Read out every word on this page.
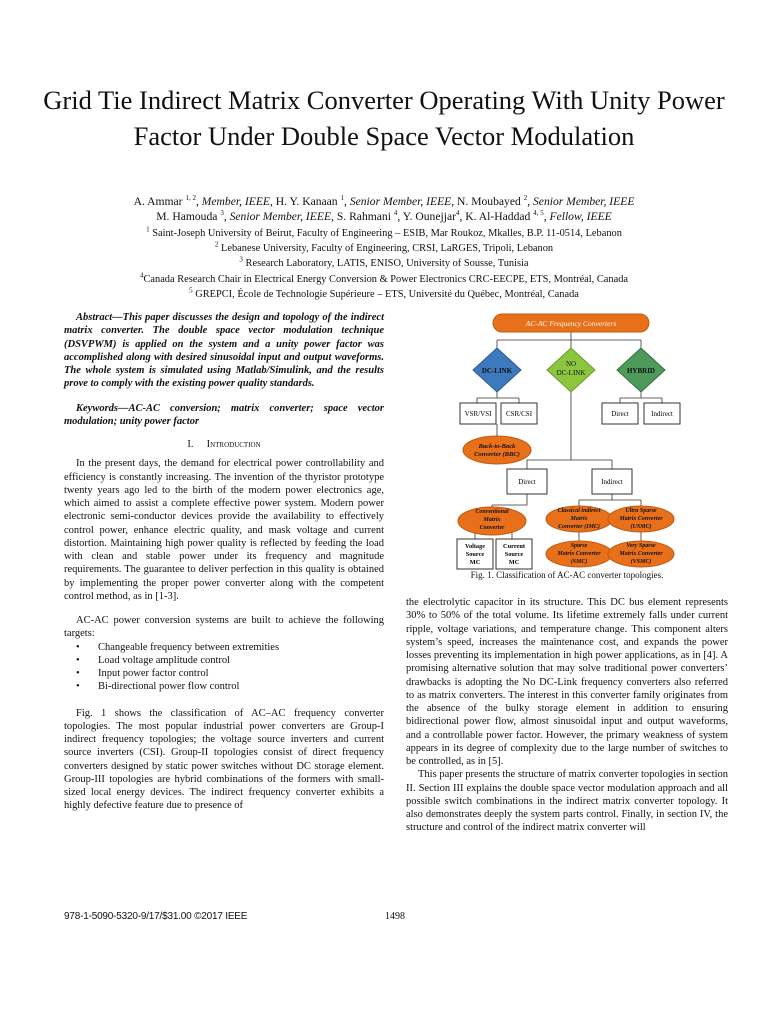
Grid Tie Indirect Matrix Converter Operating With Unity Power Factor Under Double Space Vector Modulation
A. Ammar $^{1, 2}$, Member, IEEE, H. Y. Kanaan $^1$, Senior Member, IEEE, N. Moubayed $^2$, Senior Member, IEEE
M. Hamouda $^3$, Senior Member, IEEE, S. Rahmani $^4$, Y. Ounejjar$^4$, K. Al-Haddad $^{4, 5}$, Fellow, IEEE
$^1$ Saint-Joseph University of Beirut, Faculty of Engineering – ESIB, Mar Roukoz, Mkalles, B.P. 11-0514, Lebanon
$^2$ Lebanese University, Faculty of Engineering, CRSI, LaRGES, Tripoli, Lebanon
$^3$ Research Laboratory, LATIS, ENISO, University of Sousse, Tunisia
$^4$Canada Research Chair in Electrical Energy Conversion & Power Electronics CRC-EECPE, ETS, Montréal, Canada
$^5$ GREPCI, École de Technologie Supérieure – ETS, Université du Québec, Montréal, Canada

Abstract—This paper discusses the design and topology of the indirect matrix converter. The double space vector modulation technique (DSVPWM) is applied on the system and a unity power factor was accomplished along with desired sinusoidal input and output waveforms. The whole system is simulated using Matlab/Simulink, and the results prove to comply with the existing power quality standards.

Keywords—AC-AC conversion; matrix converter; space vector modulation; unity power factor

I. Introduction

In the present days, the demand for electrical power controllability and efficiency is constantly increasing. The invention of the thyristor prototype twenty years ago led to the birth of the modern power electronics age, which aimed to assist a complete effective power system. Modern power electronic semi-conductor devices provide the availability to effectively control power, enhance electric quality, and mask voltage and current distortion. Maintaining high power quality is reflected by feeding the load with clean and stable power under its frequency and magnitude requirements. The guarantee to deliver perfection in this quality is obtained by implementing the proper power converter along with the competent control method, as in [1-3].

AC-AC power conversion systems are built to achieve the following targets:

• Changeable frequency between extremities
• Load voltage amplitude control
• Input power factor control
• Bi-directional power flow control

Fig. 1 shows the classification of AC–AC frequency converter topologies. The most popular industrial power converters are Group-I indirect frequency topologies; the voltage source inverters and current source inverters (CSI). Group-II topologies consist of direct frequency converters designed by static power switches without DC storage element. Group-III topologies are hybrid combinations of the formers with small-sized local energy devices. The indirect frequency converter exhibits a highly defective feature due to presence of

AC-AC Frequency Converters
DC-LINK
NO
DC-LINK	HYBRID
VSR/VSI CSR/CSI	Direct	Indirect
Back-to-Back
Converter (BBC)
Direct	Indirect
Conventional
Matrix
Converter
Classical indirect
Matrix
Converter (IMC)
Ultra Sparse
Matrix Converter
(USMC)
Voltage
Source
MC
Current
Source
MC
Sparse
Matrix Converter
(SMC)
Very Sparse
Matrix Converter
(VSMC)
Fig. 1. Classification of AC-AC converter topologies.

the electrolytic capacitor in its structure. This DC bus element represents 30% to 50% of the total volume. Its lifetime extremely falls under current ripple, voltage variations, and temperature change. This component alters system’s speed, increases the maintenance cost, and expands the power losses preventing its implementation in high power applications, as in [4]. A promising alternative solution that may solve traditional power converters’ drawbacks is adopting the No DC-Link frequency converters also referred to as matrix converters. The interest in this converter family originates from the absence of the bulky storage element in addition to ensuring bidirectional power flow, almost sinusoidal input and output waveforms, and a controllable power factor. However, the primary weakness of system appears in its degree of complexity due to the large number of switches to be controlled, as in [5].

This paper presents the structure of matrix converter topologies in section II. Section III explains the double space vector modulation approach and all possible switch combinations in the indirect matrix converter topology. It also demonstrates deeply the system parts control. Finally, in section IV, the structure and control of the indirect matrix converter will

978-1-5090-5320-9/17/$31.00 ©2017 IEEE	1498
